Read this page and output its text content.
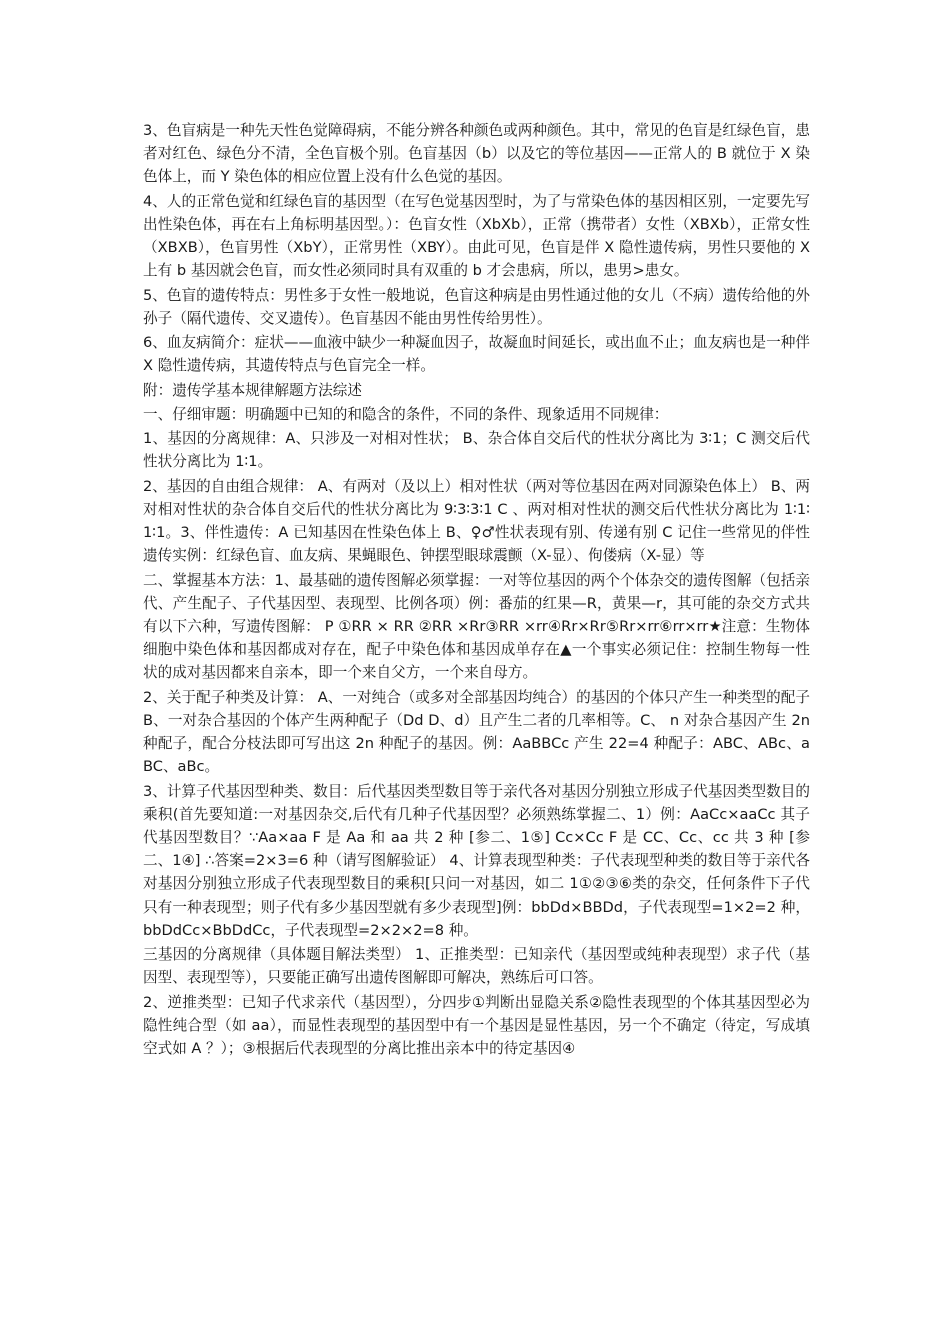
3、色盲病是一种先天性色觉障碍病，不能分辨各种颜色或两种颜色。其中，常见的色盲是红绿色盲，患者对红色、绿色分不清，全色盲极个别。色盲基因（b）以及它的等位基因——正常人的 B 就位于 X 染色体上，而 Y 染色体的相应位置上没有什么色觉的基因。

4、人的正常色觉和红绿色盲的基因型（在写色觉基因型时，为了与常染色体的基因相区别，一定要先写出性染色体，再在右上角标明基因型。）：色盲女性（XbXb），正常（携带者）女性（XBXb），正常女性（XBXB），色盲男性（XbY），正常男性（XBY）。由此可见，色盲是伴 X 隐性遗传病，男性只要他的 X 上有 b 基因就会色盲，而女性必须同时具有双重的 b 才会患病，所以，患男>患女。

5、色盲的遗传特点：男性多于女性一般地说，色盲这种病是由男性通过他的女儿（不病）遗传给他的外孙子（隔代遗传、交叉遗传）。色盲基因不能由男性传给男性）。

6、血友病简介：症状——血液中缺少一种凝血因子，故凝血时间延长，或出血不止；血友病也是一种伴 X 隐性遗传病，其遗传特点与色盲完全一样。

附：遗传学基本规律解题方法综述

一、仔细审题：明确题中已知的和隐含的条件，不同的条件、现象适用不同规律：

1、基因的分离规律：A、只涉及一对相对性状； B、杂合体自交后代的性状分离比为 3∶1；C 测交后代性状分离比为 1∶1。

2、基因的自由组合规律： A、有两对（及以上）相对性状（两对等位基因在两对同源染色体上） B、两对相对性状的杂合体自交后代的性状分离比为 9∶3∶3∶1 C 、两对相对性状的测交后代性状分离比为 1∶1∶1∶1。3、伴性遗传：A 已知基因在性染色体上 B、♀♂性状表现有别、传递有别 C 记住一些常见的伴性遗传实例：红绿色盲、血友病、果蝇眼色、钟摆型眼球震颤（X-显）、佝偻病（X-显）等

二、掌握基本方法：1、最基础的遗传图解必须掌握：一对等位基因的两个个体杂交的遗传图解（包括亲代、产生配子、子代基因型、表现型、比例各项）例：番茄的红果—R，黄果—r，其可能的杂交方式共有以下六种，写遗传图解： P ①RR × RR ②RR ×Rr③RR ×rr④Rr×Rr⑤Rr×rr⑥rr×rr★注意：生物体细胞中染色体和基因都成对存在，配子中染色体和基因成单存在▲一个事实必须记住：控制生物每一性状的成对基因都来自亲本，即一个来自父方，一个来自母方。

2、关于配子种类及计算： A、一对纯合（或多对全部基因均纯合）的基因的个体只产生一种类型的配子 B、一对杂合基因的个体产生两种配子（Dd D、d）且产生二者的几率相等。C、 n 对杂合基因产生 2n 种配子，配合分枝法即可写出这 2n 种配子的基因。例：AaBBCc 产生 22=4 种配子：ABC、ABc、aBC、aBc。

3、计算子代基因型种类、数目：后代基因类型数目等于亲代各对基因分别独立形成子代基因类型数目的乘积(首先要知道:一对基因杂交,后代有几种子代基因型？必须熟练掌握二、1）例：AaCc×aaCc 其子代基因型数目？∵Aa×aa F 是 Aa 和 aa 共 2 种 [参二、1⑤] Cc×Cc F 是 CC、Cc、cc 共 3 种 [参二、1④] ∴答案=2×3=6 种（请写图解验证） 4、计算表现型种类：子代表现型种类的数目等于亲代各对基因分别独立形成子代表现型数目的乘积[只问一对基因，如二 1①②③⑥类的杂交，任何条件下子代只有一种表现型；则子代有多少基因型就有多少表现型]例：bbDd×BBDd，子代表现型=1×2=2 种，bbDdCc×BbDdCc，子代表现型=2×2×2=8 种。

三基因的分离规律（具体题目解法类型） 1、正推类型：已知亲代（基因型或纯种表现型）求子代（基因型、表现型等），只要能正确写出遗传图解即可解决，熟练后可口答。

2、逆推类型：已知子代求亲代（基因型），分四步①判断出显隐关系②隐性表现型的个体其基因型必为隐性纯合型（如 aa），而显性表现型的基因型中有一个基因是显性基因，另一个不确定（待定，写成填空式如 A ？）；③根据后代表现型的分离比推出亲本中的待定基因④
